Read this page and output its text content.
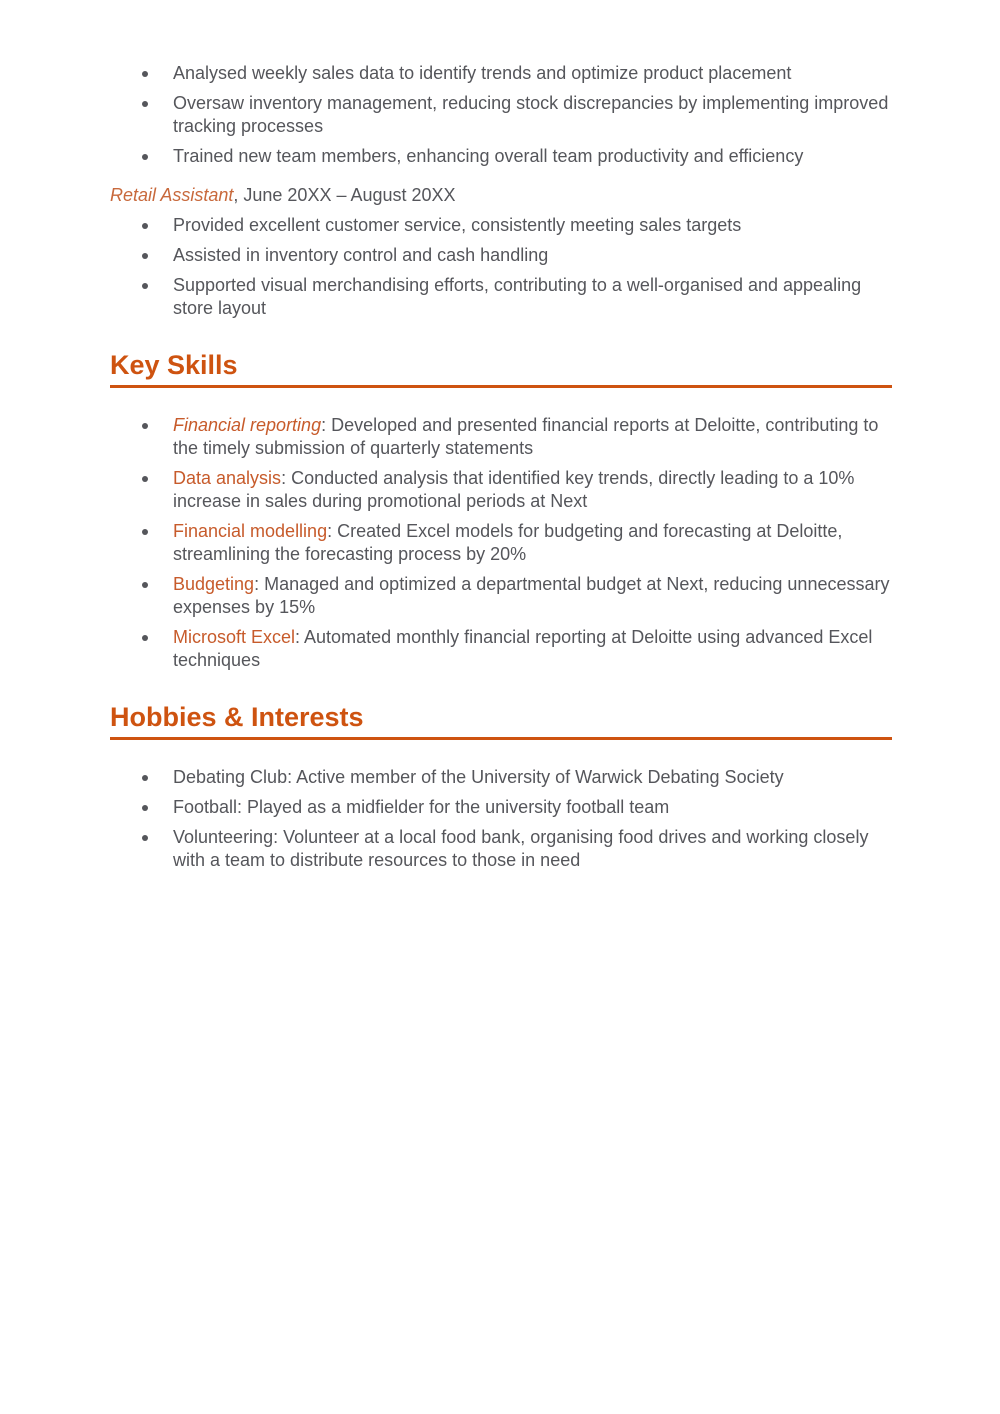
Analysed weekly sales data to identify trends and optimize product placement
Oversaw inventory management, reducing stock discrepancies by implementing improved tracking processes
Trained new team members, enhancing overall team productivity and efficiency

Retail Assistant, June 20XX – August 20XX

Provided excellent customer service, consistently meeting sales targets
Assisted in inventory control and cash handling
Supported visual merchandising efforts, contributing to a well-organised and appealing store layout
Key Skills
Financial reporting: Developed and presented financial reports at Deloitte, contributing to the timely submission of quarterly statements
Data analysis: Conducted analysis that identified key trends, directly leading to a 10% increase in sales during promotional periods at Next
Financial modelling: Created Excel models for budgeting and forecasting at Deloitte, streamlining the forecasting process by 20%
Budgeting: Managed and optimized a departmental budget at Next, reducing unnecessary expenses by 15%
Microsoft Excel: Automated monthly financial reporting at Deloitte using advanced Excel techniques
Hobbies & Interests
Debating Club: Active member of the University of Warwick Debating Society
Football: Played as a midfielder for the university football team
Volunteering: Volunteer at a local food bank, organising food drives and working closely with a team to distribute resources to those in need
